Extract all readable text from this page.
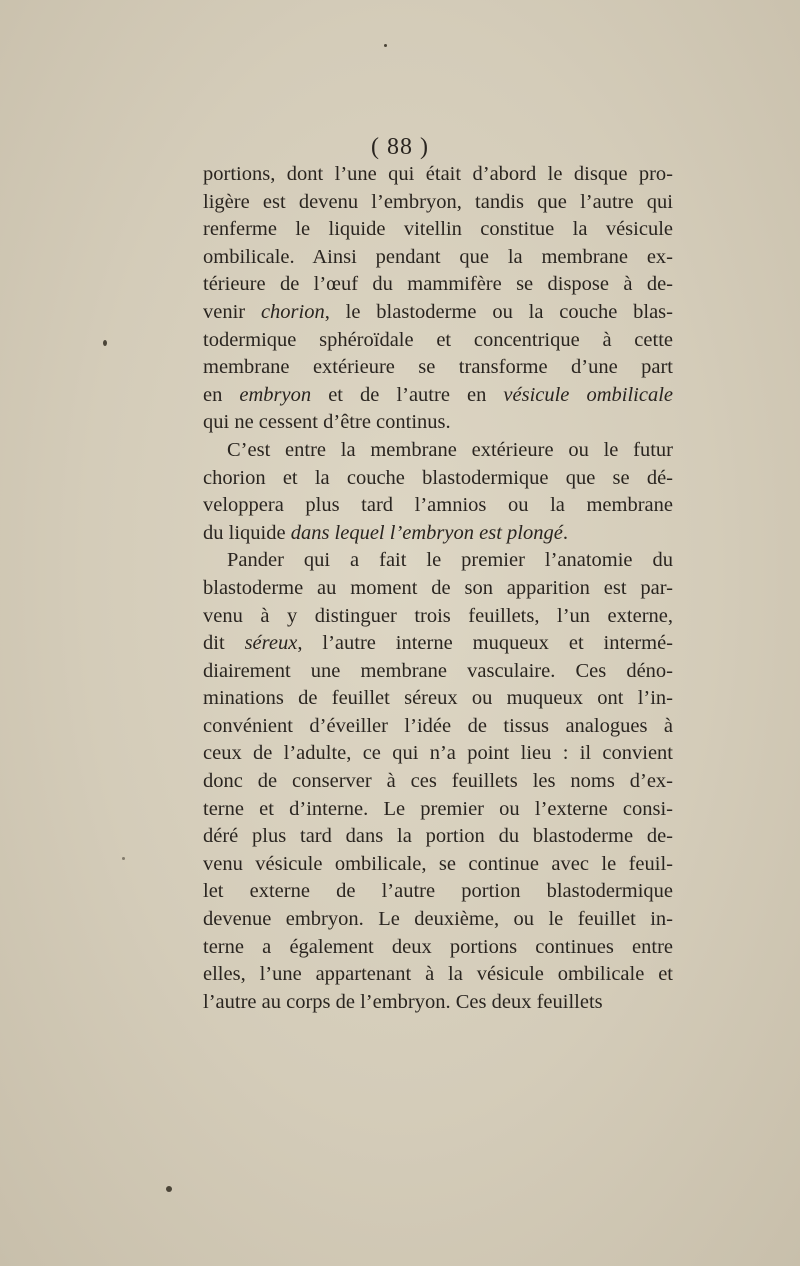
( 88 )
portions, dont l’une qui était d’abord le disque pro-
ligère est devenu l’embryon, tandis que l’autre qui
renferme le liquide vitellin constitue la vésicule
ombilicale. Ainsi pendant que la membrane ex-
térieure de l’œuf du mammifère se dispose à de-
venir chorion, le blastoderme ou la couche blas-
todermique sphéroïdale et concentrique à cette
membrane extérieure se transforme d’une part
en embryon et de l’autre en vésicule ombilicale
qui ne cessent d’être continus.
C’est entre la membrane extérieure ou le futur
chorion et la couche blastodermique que se dé-
veloppera plus tard l’amnios ou la membrane
du liquide dans lequel l’embryon est plongé.
Pander qui a fait le premier l’anatomie du
blastoderme au moment de son apparition est par-
venu à y distinguer trois feuillets, l’un externe,
dit séreux, l’autre interne muqueux et intermé-
diairement une membrane vasculaire. Ces déno-
minations de feuillet séreux ou muqueux ont l’in-
convénient d’éveiller l’idée de tissus analogues à
ceux de l’adulte, ce qui n’a point lieu : il convient
donc de conserver à ces feuillets les noms d’ex-
terne et d’interne. Le premier ou l’externe consi-
déré plus tard dans la portion du blastoderme de-
venu vésicule ombilicale, se continue avec le feuil-
let externe de l’autre portion blastodermique
devenue embryon. Le deuxième, ou le feuillet in-
terne a également deux portions continues entre
elles, l’une appartenant à la vésicule ombilicale et
l’autre au corps de l’embryon. Ces deux feuillets
